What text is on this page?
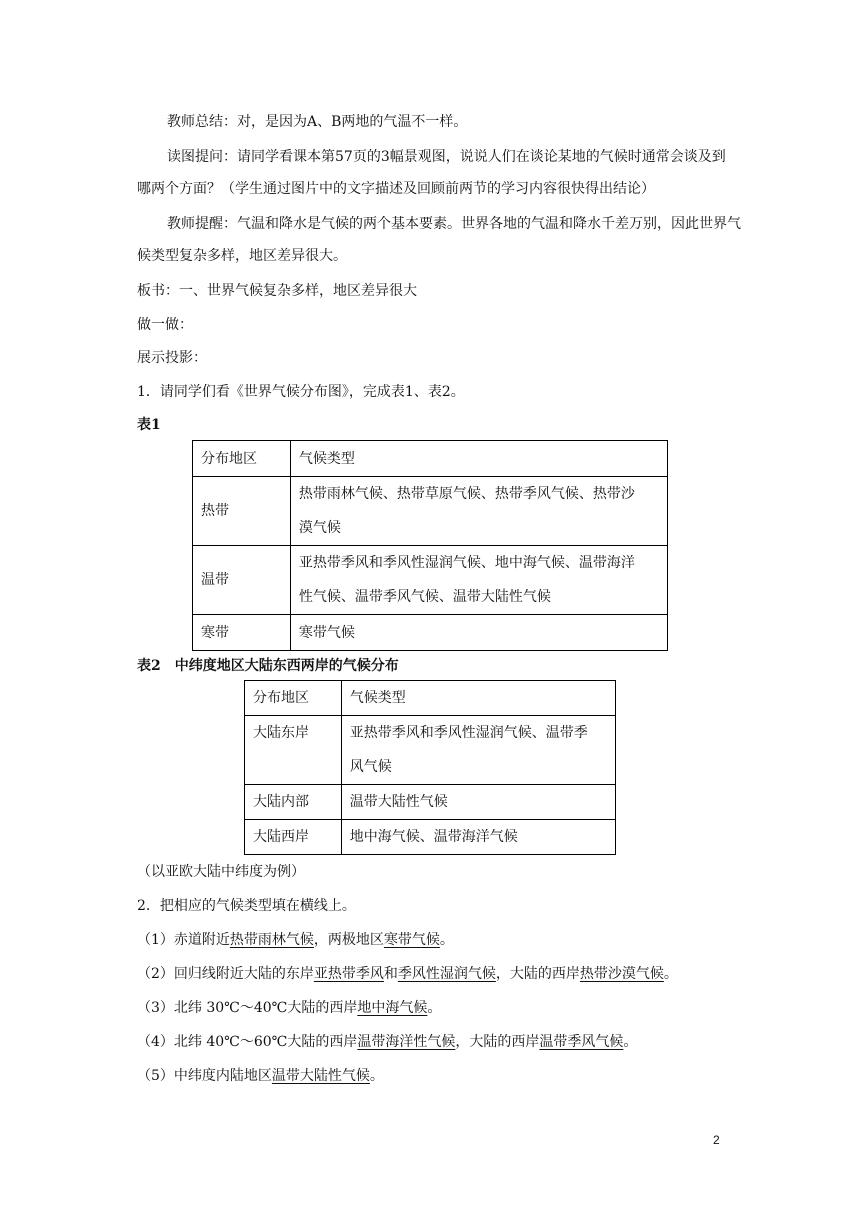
教师总结：对，是因为A、B两地的气温不一样。
读图提问：请同学看课本第57页的3幅景观图，说说人们在谈论某地的气候时通常会谈及到
哪两个方面？（学生通过图片中的文字描述及回顾前两节的学习内容很快得出结论）
教师提醒：气温和降水是气候的两个基本要素。世界各地的气温和降水千差万别，因此世界气
候类型复杂多样，地区差异很大。
板书：一、世界气候复杂多样，地区差异很大
做一做：
展示投影：
1．请同学们看《世界气候分布图》，完成表1、表2。
表1
分布地区	气候类型
热带	热带雨林气候、热带草原气候、热带季风气候、热带沙
漠气候

温带	亚热带季风和季风性湿润气候、地中海气候、温带海洋
性气候、温带季风气候、温带大陆性气候

寒带	寒带气候
表2　中纬度地区大陆东西两岸的气候分布
分布地区	气候类型
大陆东岸	亚热带季风和季风性湿润气候、温带季
风气候

大陆内部	温带大陆性气候
大陆西岸	地中海气候、温带海洋气候
（以亚欧大陆中纬度为例）
2．把相应的气候类型填在横线上。
（1）赤道附近热带雨林气候，两极地区寒带气候。
（2）回归线附近大陆的东岸亚热带季风和季风性湿润气候，大陆的西岸热带沙漠气候。
（3）北纬 30℃～40℃大陆的西岸地中海气候。
（4）北纬 40℃～60℃大陆的西岸温带海洋性气候，大陆的西岸温带季风气候。
（5）中纬度内陆地区温带大陆性气候。
2
